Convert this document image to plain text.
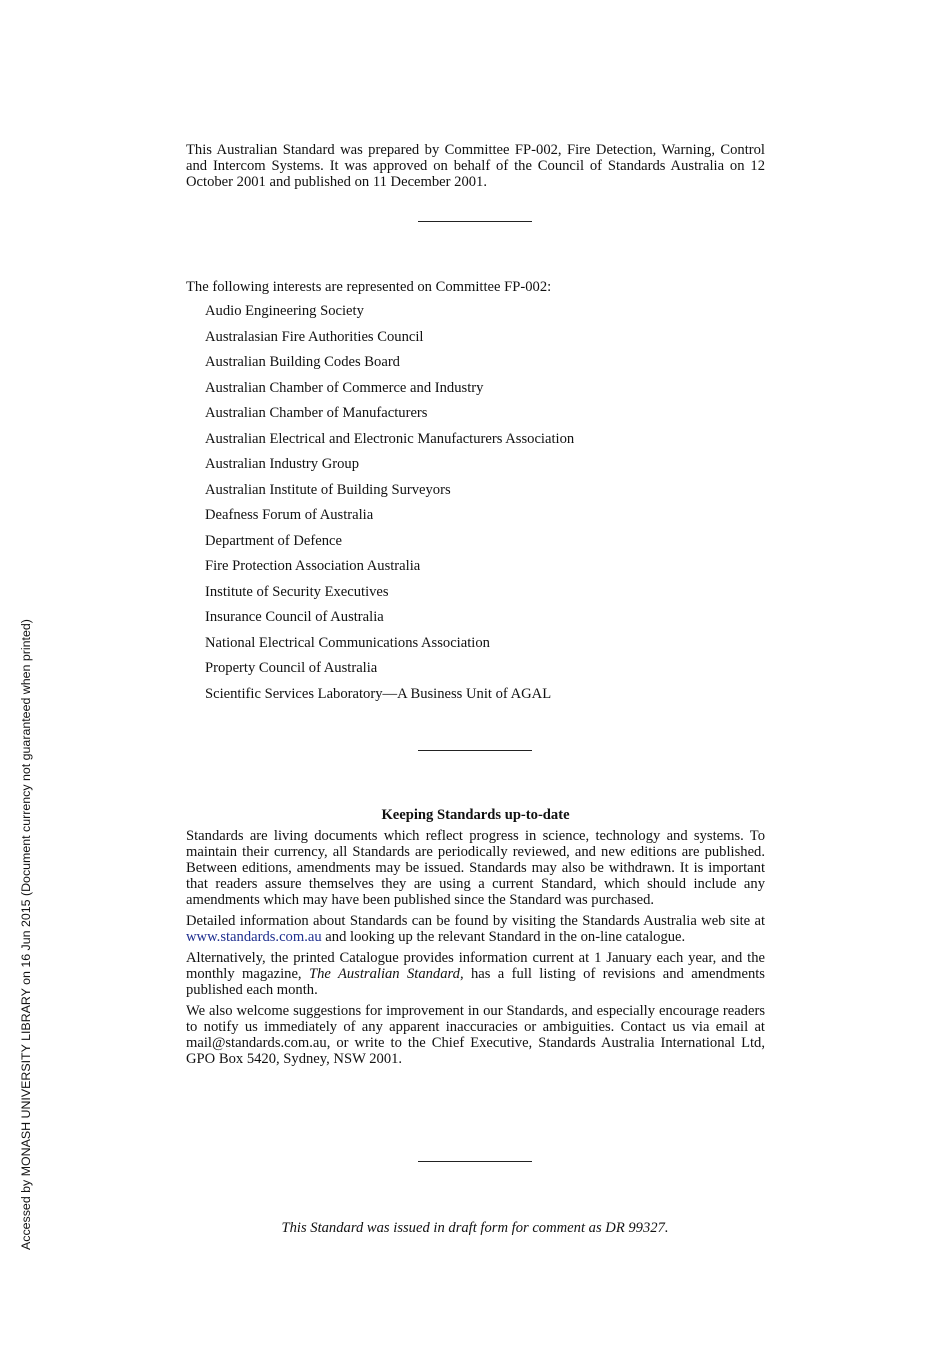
This Australian Standard was prepared by Committee FP-002, Fire Detection, Warning, Control and Intercom Systems. It was approved on behalf of the Council of Standards Australia on 12 October 2001 and published on 11 December 2001.

The following interests are represented on Committee FP-002:
Audio Engineering Society
Australasian Fire Authorities Council
Australian Building Codes Board
Australian Chamber of Commerce and Industry
Australian Chamber of Manufacturers
Australian Electrical and Electronic Manufacturers Association
Australian Industry Group
Australian Institute of Building Surveyors
Deafness Forum of Australia
Department of Defence
Fire Protection Association Australia
Institute of Security Executives
Insurance Council of Australia
National Electrical Communications Association
Property Council of Australia
Scientific Services Laboratory—A Business Unit of AGAL
Keeping Standards up-to-date

Standards are living documents which reflect progress in science, technology and systems. To maintain their currency, all Standards are periodically reviewed, and new editions are published. Between editions, amendments may be issued. Standards may also be withdrawn. It is important that readers assure themselves they are using a current Standard, which should include any amendments which may have been published since the Standard was purchased.

Detailed information about Standards can be found by visiting the Standards Australia web site at www.standards.com.au and looking up the relevant Standard in the on-line catalogue.

Alternatively, the printed Catalogue provides information current at 1 January each year, and the monthly magazine, The Australian Standard, has a full listing of revisions and amendments published each month.

We also welcome suggestions for improvement in our Standards, and especially encourage readers to notify us immediately of any apparent inaccuracies or ambiguities. Contact us via email at mail@standards.com.au, or write to the Chief Executive, Standards Australia International Ltd, GPO Box 5420, Sydney, NSW 2001.

This Standard was issued in draft form for comment as DR 99327.
Accessed by MONASH UNIVERSITY LIBRARY on 16 Jun 2015 (Document currency not guaranteed when printed)
